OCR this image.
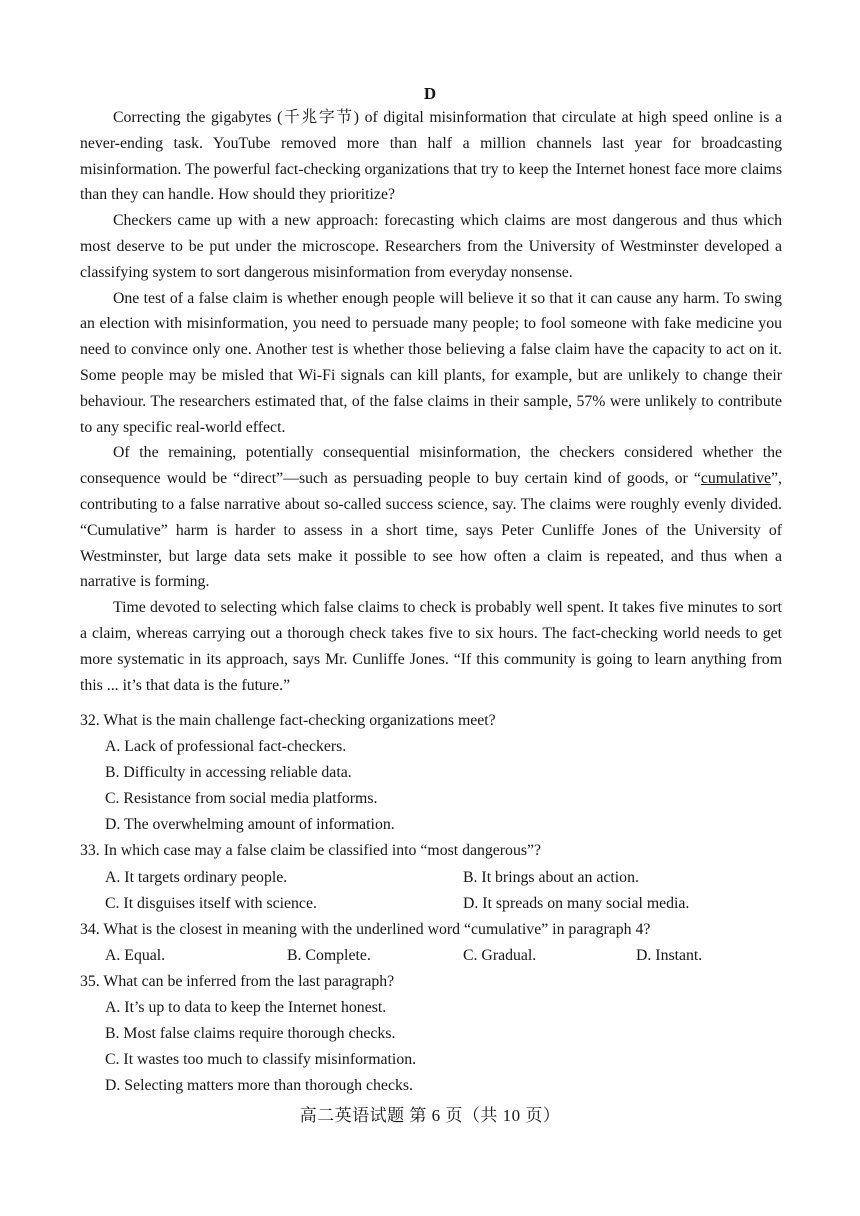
D

Correcting the gigabytes (千兆字节) of digital misinformation that circulate at high speed online is a never-ending task. YouTube removed more than half a million channels last year for broadcasting misinformation. The powerful fact-checking organizations that try to keep the Internet honest face more claims than they can handle. How should they prioritize?

Checkers came up with a new approach: forecasting which claims are most dangerous and thus which most deserve to be put under the microscope. Researchers from the University of Westminster developed a classifying system to sort dangerous misinformation from everyday nonsense.

One test of a false claim is whether enough people will believe it so that it can cause any harm. To swing an election with misinformation, you need to persuade many people; to fool someone with fake medicine you need to convince only one. Another test is whether those believing a false claim have the capacity to act on it. Some people may be misled that Wi-Fi signals can kill plants, for example, but are unlikely to change their behaviour. The researchers estimated that, of the false claims in their sample, 57% were unlikely to contribute to any specific real-world effect.

Of the remaining, potentially consequential misinformation, the checkers considered whether the consequence would be “direct”—such as persuading people to buy certain kind of goods, or “cumulative”, contributing to a false narrative about so-called success science, say. The claims were roughly evenly divided. “Cumulative” harm is harder to assess in a short time, says Peter Cunliffe Jones of the University of Westminster, but large data sets make it possible to see how often a claim is repeated, and thus when a narrative is forming.

Time devoted to selecting which false claims to check is probably well spent. It takes five minutes to sort a claim, whereas carrying out a thorough check takes five to six hours. The fact-checking world needs to get more systematic in its approach, says Mr. Cunliffe Jones. “If this community is going to learn anything from this ... it’s that data is the future.”

32. What is the main challenge fact-checking organizations meet?
A. Lack of professional fact-checkers.
B. Difficulty in accessing reliable data.
C. Resistance from social media platforms.
D. The overwhelming amount of information.
33. In which case may a false claim be classified into “most dangerous”?
A. It targets ordinary people.	B. It brings about an action.
C. It disguises itself with science.	D. It spreads on many social media.
34. What is the closest in meaning with the underlined word “cumulative” in paragraph 4?
A. Equal.	B. Complete.	C. Gradual.	D. Instant.
35. What can be inferred from the last paragraph?
A. It’s up to data to keep the Internet honest.
B. Most false claims require thorough checks.
C. It wastes too much to classify misinformation.
D. Selecting matters more than thorough checks.
高二英语试题 第 6 页（共 10 页）
